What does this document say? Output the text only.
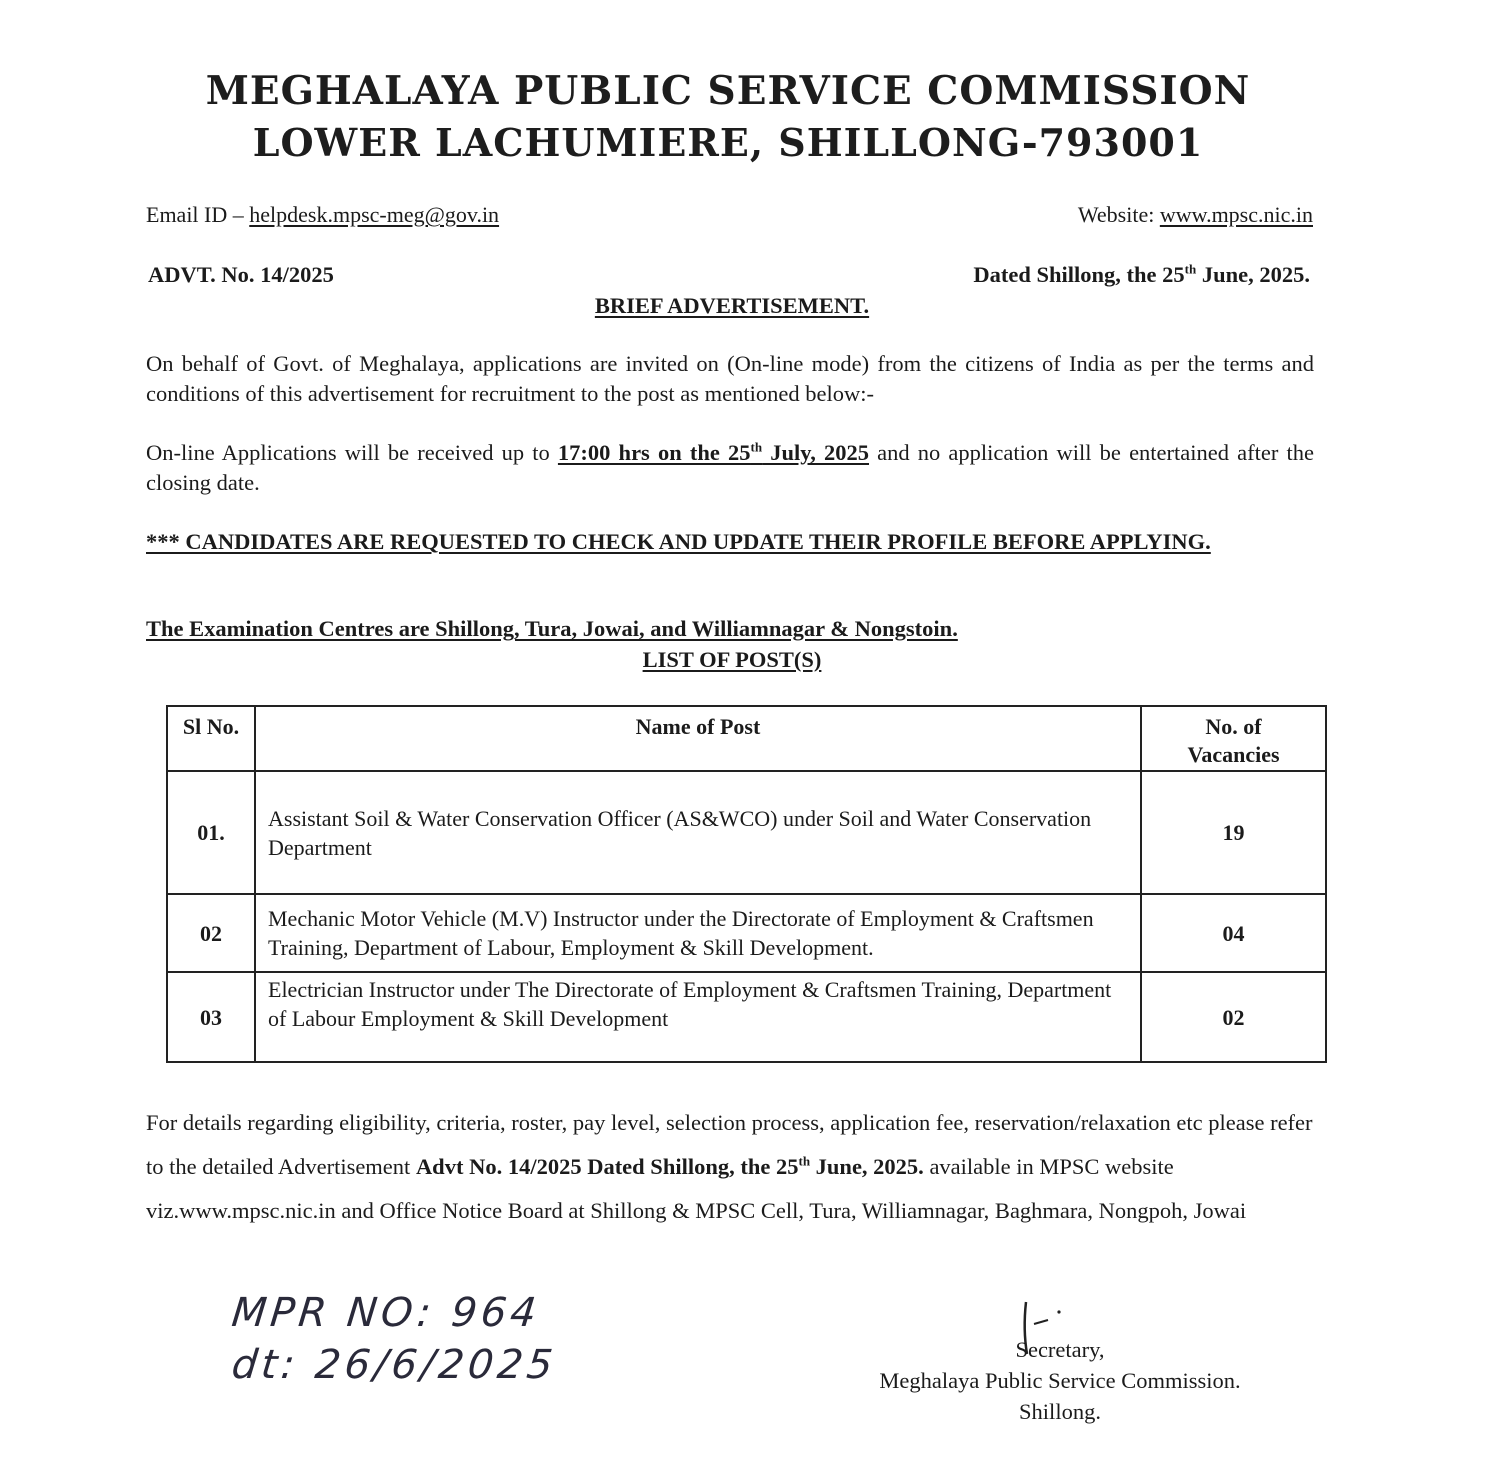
MEGHALAYA PUBLIC SERVICE COMMISSION
LOWER LACHUMIERE, SHILLONG-793001
Email ID – helpdesk.mpsc-meg@gov.in	Website: www.mpsc.nic.in
ADVT. No. 14/2025	Dated Shillong, the 25th June, 2025.
BRIEF ADVERTISEMENT.
On behalf of Govt. of Meghalaya, applications are invited on (On-line mode) from the citizens of India as per the terms and conditions of this advertisement for recruitment to the post as mentioned below:-
On-line Applications will be received up to 17:00 hrs on the 25th July, 2025 and no application will be entertained after the closing date.
*** CANDIDATES ARE REQUESTED TO CHECK AND UPDATE THEIR PROFILE BEFORE APPLYING.
The Examination Centres are Shillong, Tura, Jowai, and Williamnagar & Nongstoin.
LIST OF POST(S)
Sl No.	Name of Post	No. of
Vacancies
01.	Assistant Soil & Water Conservation Officer (AS&WCO) under Soil and Water Conservation Department	19
02	Mechanic Motor Vehicle (M.V) Instructor under the Directorate of Employment & Craftsmen Training, Department of Labour, Employment & Skill Development.	04
03	Electrician Instructor under The Directorate of Employment & Craftsmen Training, Department of Labour Employment & Skill Development	02
For details regarding eligibility, criteria, roster, pay level, selection process, application fee, reservation/relaxation etc please refer to the detailed Advertisement Advt No. 14/2025 Dated Shillong, the 25th June, 2025. available in MPSC website viz.www.mpsc.nic.in and Office Notice Board at Shillong & MPSC Cell, Tura, Williamnagar, Baghmara, Nongpoh, Jowai
MPR NO: 964
dt: 26/6/2025	Secretary,
Meghalaya Public Service Commission.
Shillong.
